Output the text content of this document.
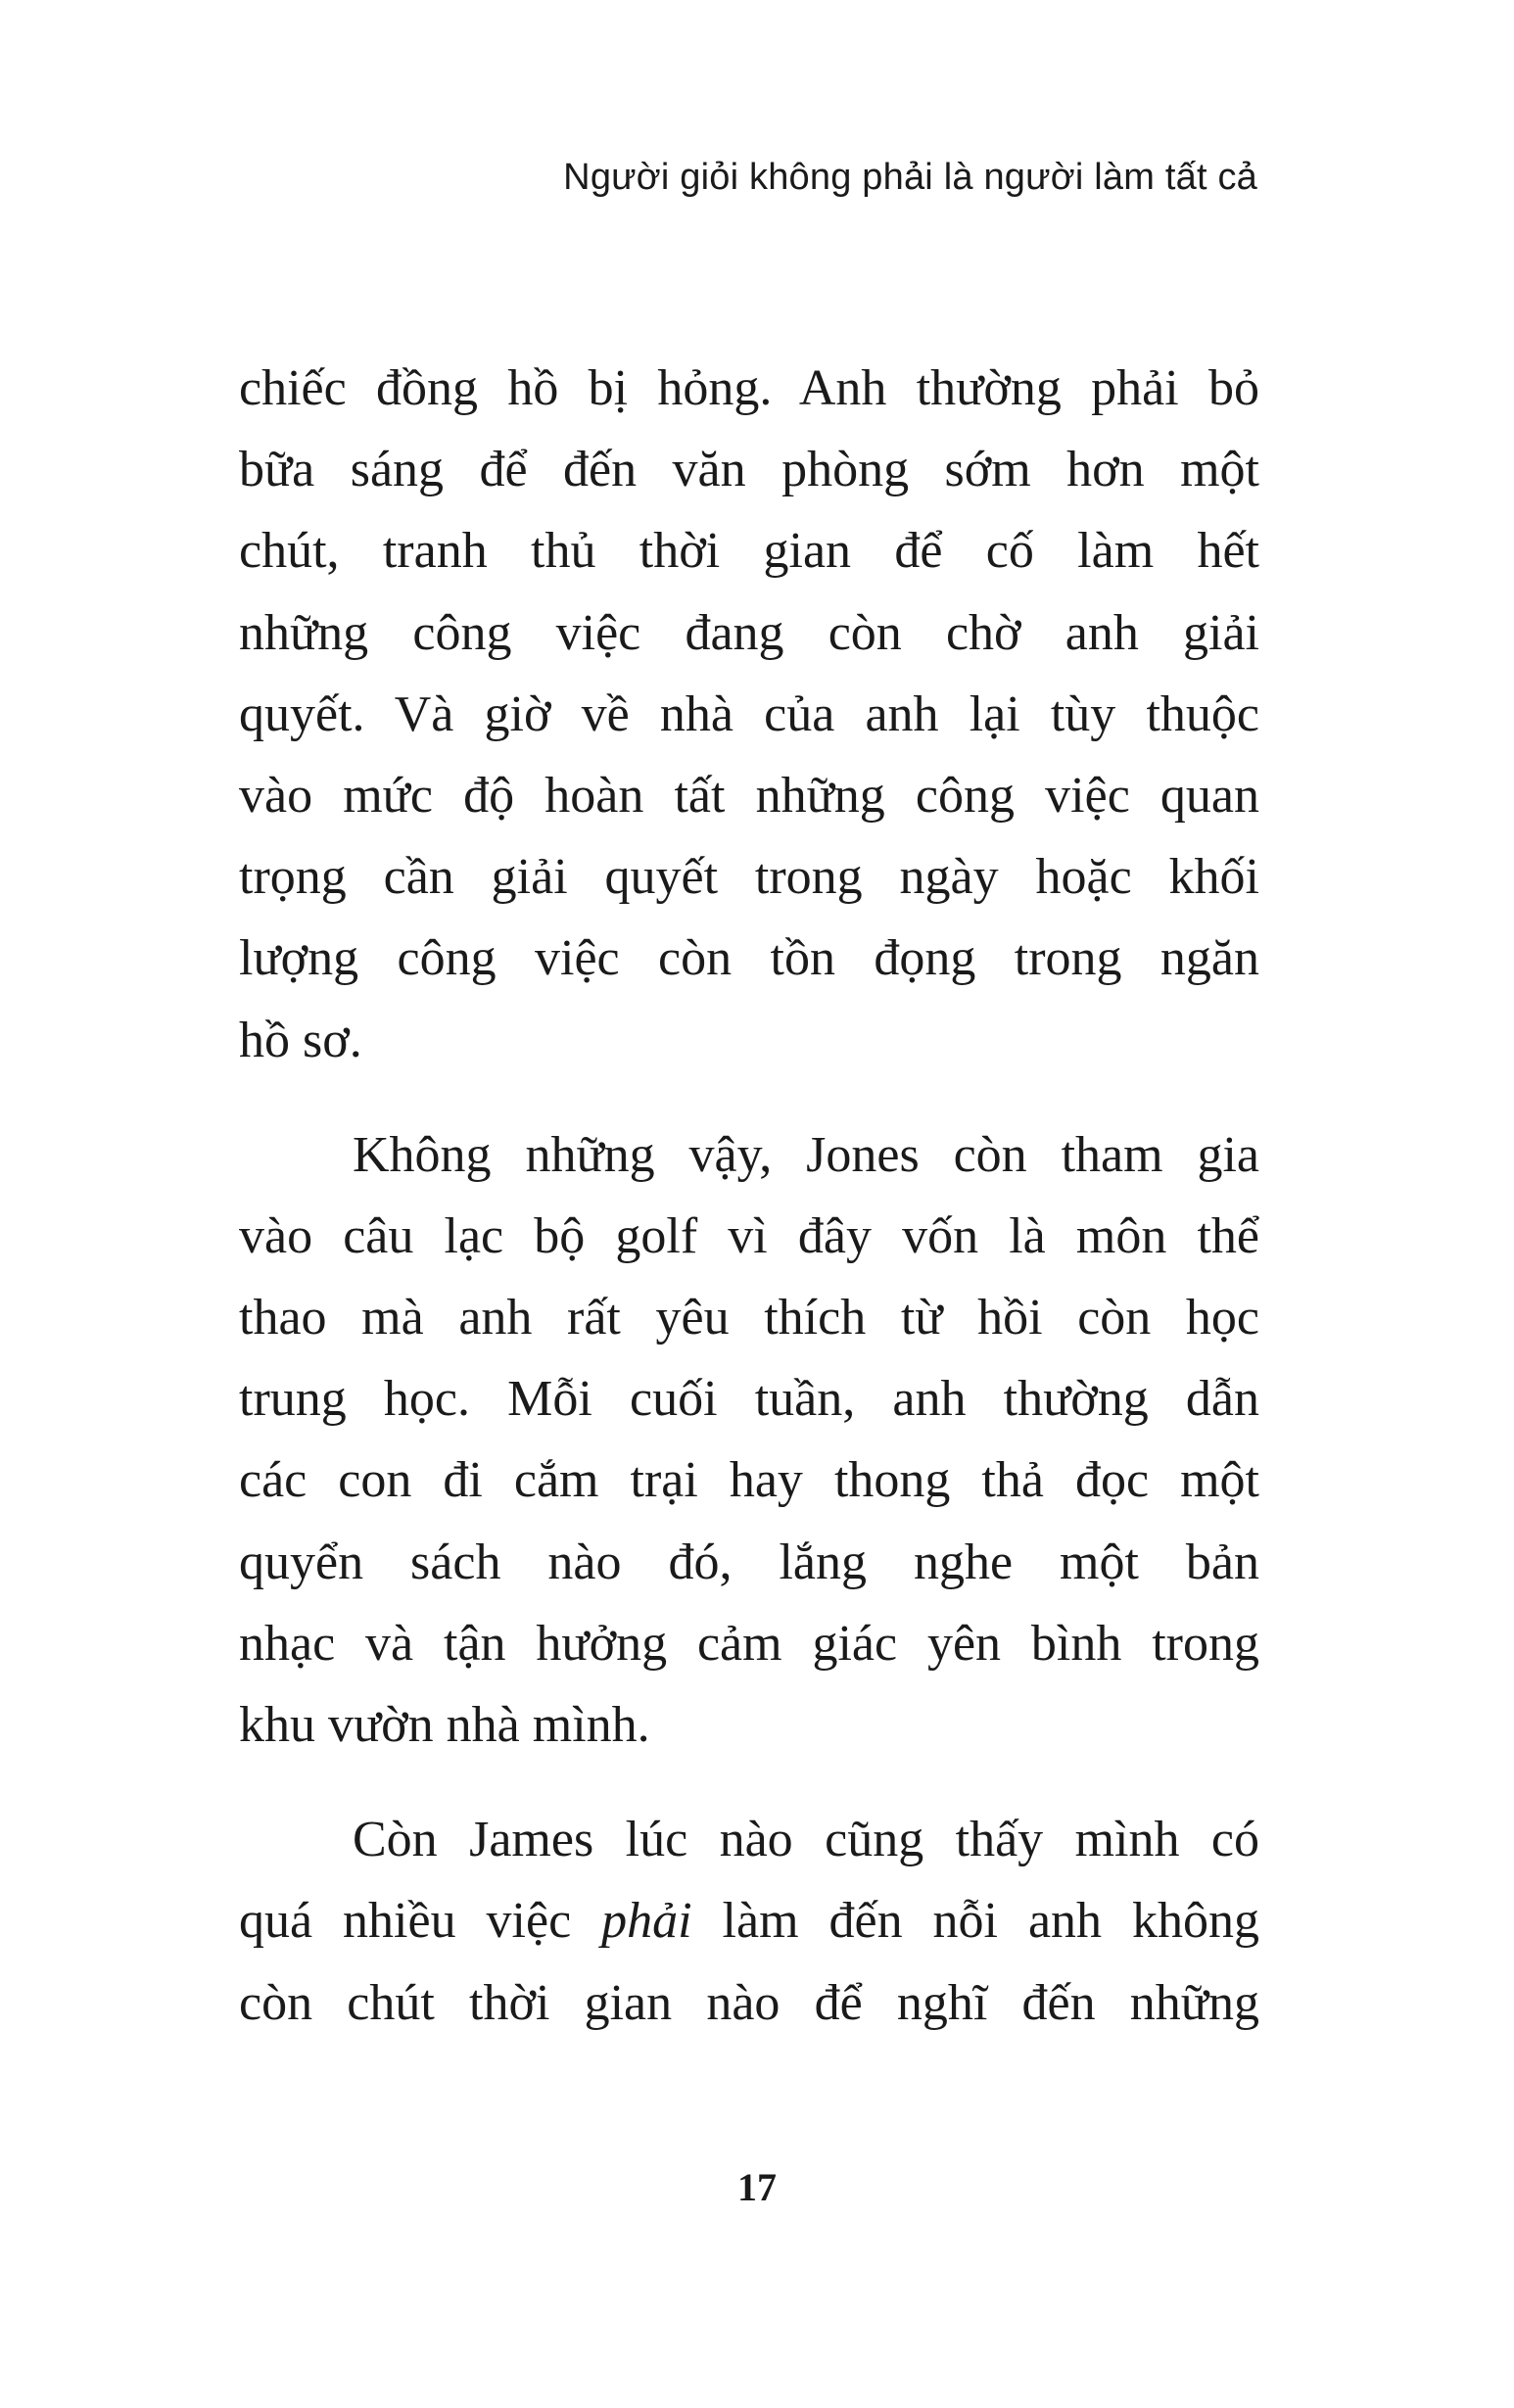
Người giỏi không phải là người làm tất cả
chiếc đồng hồ bị hỏng. Anh thường phải bỏ
bữa sáng để đến văn phòng sớm hơn một
chút, tranh thủ thời gian để cố làm hết
những công việc đang còn chờ anh giải
quyết. Và giờ về nhà của anh lại tùy thuộc
vào mức độ hoàn tất những công việc quan
trọng cần giải quyết trong ngày hoặc khối
lượng công việc còn tồn đọng trong ngăn
hồ sơ.
Không những vậy, Jones còn tham gia
vào câu lạc bộ golf vì đây vốn là môn thể
thao mà anh rất yêu thích từ hồi còn học
trung học. Mỗi cuối tuần, anh thường dẫn
các con đi cắm trại hay thong thả đọc một
quyển sách nào đó, lắng nghe một bản
nhạc và tận hưởng cảm giác yên bình trong
khu vườn nhà mình.
Còn James lúc nào cũng thấy mình có
quá nhiều việc phải làm đến nỗi anh không
còn chút thời gian nào để nghĩ đến những
17
